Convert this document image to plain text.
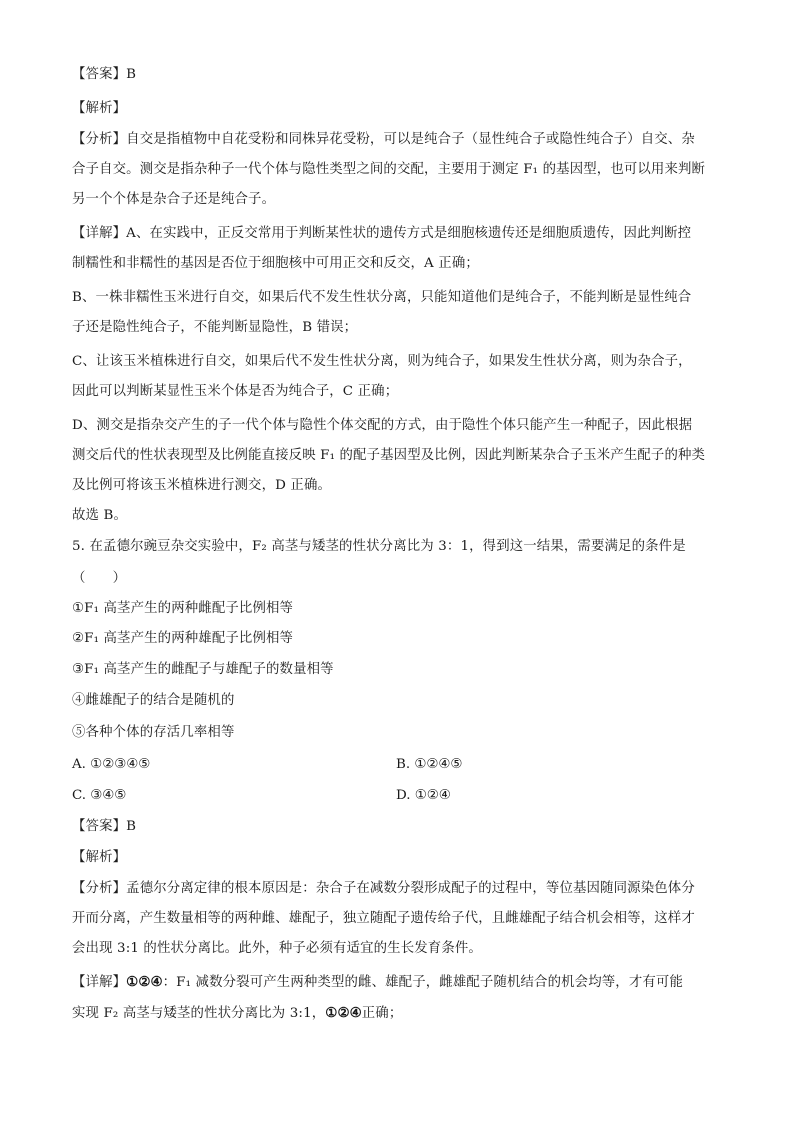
【答案】B
【解析】
【分析】自交是指植物中自花受粉和同株异花受粉，可以是纯合子（显性纯合子或隐性纯合子）自交、杂
合子自交。测交是指杂种子一代个体与隐性类型之间的交配，主要用于测定 F₁ 的基因型，也可以用来判断
另一个个体是杂合子还是纯合子。
【详解】A、在实践中，正反交常用于判断某性状的遗传方式是细胞核遗传还是细胞质遗传，因此判断控
制糯性和非糯性的基因是否位于细胞核中可用正交和反交，A 正确；
B、一株非糯性玉米进行自交，如果后代不发生性状分离，只能知道他们是纯合子，不能判断是显性纯合
子还是隐性纯合子，不能判断显隐性，B 错误；
C、让该玉米植株进行自交，如果后代不发生性状分离，则为纯合子，如果发生性状分离，则为杂合子，
因此可以判断某显性玉米个体是否为纯合子，C 正确；
D、测交是指杂交产生的子一代个体与隐性个体交配的方式，由于隐性个体只能产生一种配子，因此根据
测交后代的性状表现型及比例能直接反映 F₁ 的配子基因型及比例，因此判断某杂合子玉米产生配子的种类
及比例可将该玉米植株进行测交，D 正确。
故选 B。
5. 在孟德尔豌豆杂交实验中，F₂ 高茎与矮茎的性状分离比为 3：1，得到这一结果，需要满足的条件是
（　　）
①F₁ 高茎产生的两种雌配子比例相等
②F₁ 高茎产生的两种雄配子比例相等
③F₁ 高茎产生的雌配子与雄配子的数量相等
④雌雄配子的结合是随机的
⑤各种个体的存活几率相等
A. ①②③④⑤	B. ①②④⑤
C. ③④⑤	D. ①②④
【答案】B
【解析】
【分析】孟德尔分离定律的根本原因是：杂合子在减数分裂形成配子的过程中，等位基因随同源染色体分
开而分离，产生数量相等的两种雌、雄配子，独立随配子遗传给子代，且雌雄配子结合机会相等，这样才
会出现 3:1 的性状分离比。此外，种子必须有适宜的生长发育条件。
【详解】①②④：F₁ 减数分裂可产生两种类型的雌、雄配子，雌雄配子随机结合的机会均等，才有可能
实现 F₂ 高茎与矮茎的性状分离比为 3:1，①②④正确；
